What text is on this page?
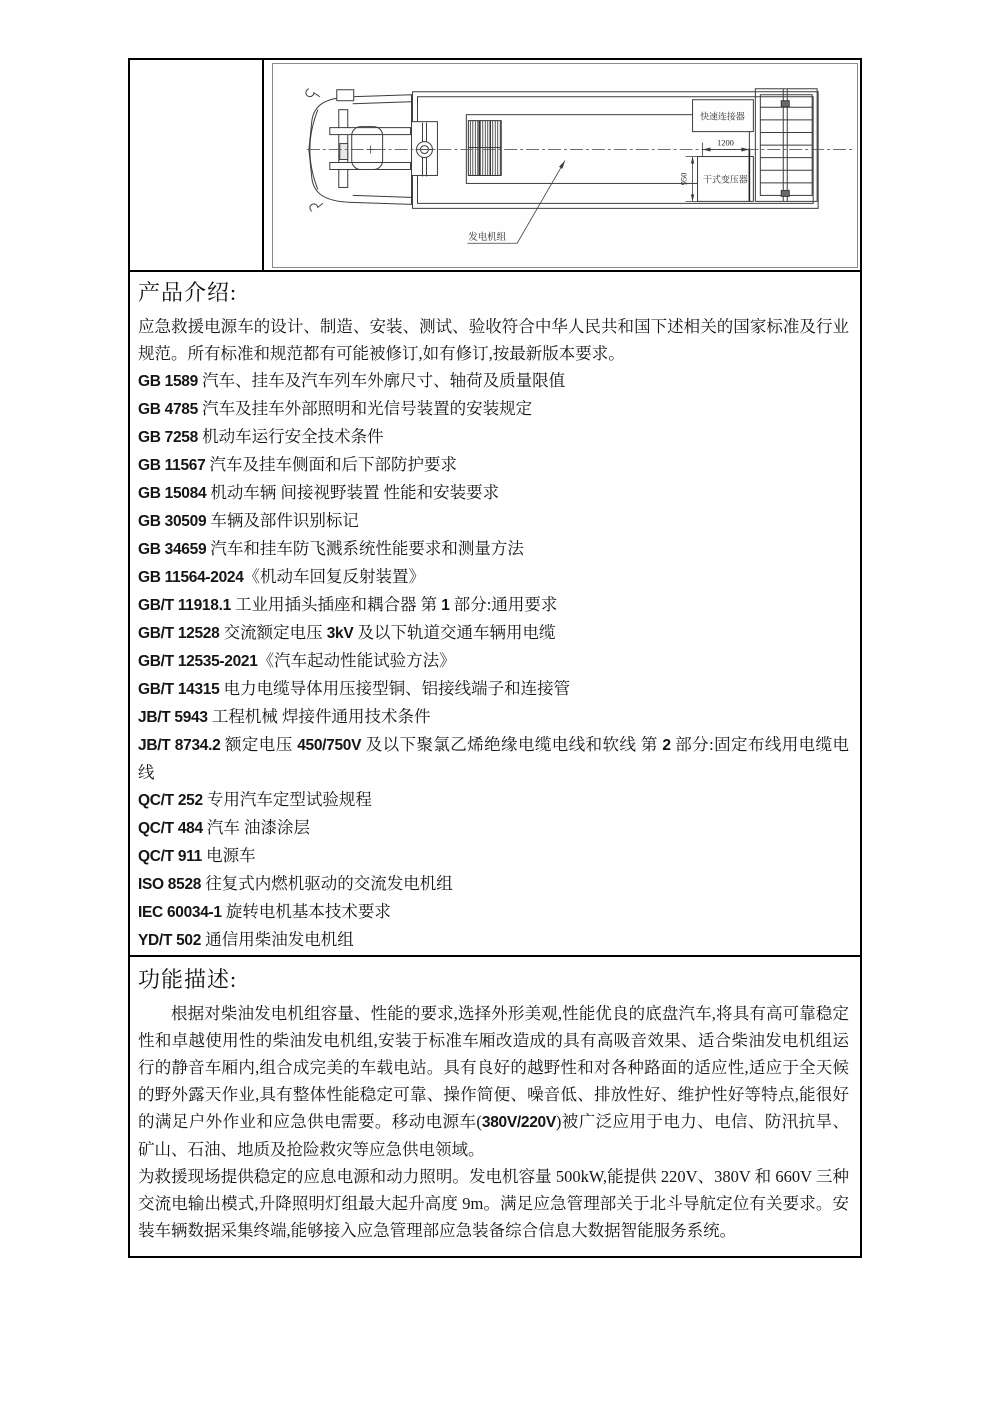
快速连接器
干式变压器
1200
950
发电机组
产品介绍:
应急救援电源车的设计、制造、安装、测试、验收符合中华人民共和国下述相关的国家标准及行业规范。所有标准和规范都有可能被修订,如有修订,按最新版本要求。
GB 1589 汽车、挂车及汽车列车外廓尺寸、轴荷及质量限值
GB 4785 汽车及挂车外部照明和光信号装置的安装规定
GB 7258 机动车运行安全技术条件
GB 11567 汽车及挂车侧面和后下部防护要求
GB 15084 机动车辆 间接视野装置 性能和安装要求
GB 30509 车辆及部件识别标记
GB 34659 汽车和挂车防飞溅系统性能要求和测量方法
GB 11564-2024《机动车回复反射装置》
GB/T 11918.1 工业用插头插座和耦合器 第 1 部分:通用要求
GB/T 12528 交流额定电压 3kV 及以下轨道交通车辆用电缆
GB/T 12535-2021《汽车起动性能试验方法》
GB/T 14315 电力电缆导体用压接型铜、铝接线端子和连接管
JB/T 5943 工程机械 焊接件通用技术条件
JB/T 8734.2 额定电压 450/750V 及以下聚氯乙烯绝缘电缆电线和软线 第 2 部分:固定布线用电缆电线
QC/T 252 专用汽车定型试验规程
QC/T 484 汽车 油漆涂层
QC/T 911 电源车
ISO 8528 往复式内燃机驱动的交流发电机组
IEC 60034-1 旋转电机基本技术要求
YD/T 502 通信用柴油发电机组
功能描述:
根据对柴油发电机组容量、性能的要求,选择外形美观,性能优良的底盘汽车,将具有高可靠稳定性和卓越使用性的柴油发电机组,安装于标准车厢改造成的具有高吸音效果、适合柴油发电机组运行的静音车厢内,组合成完美的车载电站。具有良好的越野性和对各种路面的适应性,适应于全天候的野外露天作业,具有整体性能稳定可靠、操作简便、噪音低、排放性好、维护性好等特点,能很好的满足户外作业和应急供电需要。移动电源车(380V/220V)被广泛应用于电力、电信、防汛抗旱、矿山、石油、地质及抢险救灾等应急供电领域。
为救援现场提供稳定的应息电源和动力照明。发电机容量 500kW,能提供 220V、380V 和 660V 三种交流电输出模式,升降照明灯组最大起升高度 9m。满足应急管理部关于北斗导航定位有关要求。安装车辆数据采集终端,能够接入应急管理部应急装备综合信息大数据智能服务系统。
